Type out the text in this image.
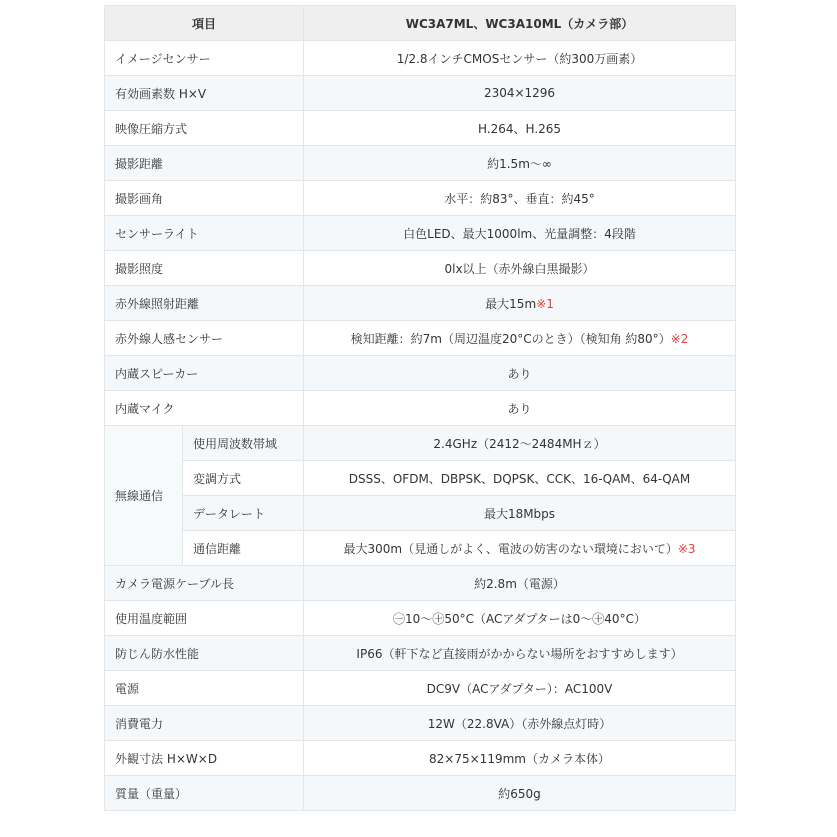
項目		WC3A7ML、WC3A10ML（カメラ部）
イメージセンサー		1/2.8インチCMOSセンサー（約300万画素）
有効画素数 H×V		2304×1296
映像圧縮方式		H.264、H.265
撮影距離		約1.5m〜∞
撮影画角		水平：約83°、垂直：約45°
センサーライト		白色LED、最大1000lm、光量調整：4段階
撮影照度		0lx以上（赤外線白黒撮影）
赤外線照射距離		最大15m※1
赤外線人感センサー		検知距離：約7m（周辺温度20°Cのとき）（検知角 約80°）※2
内蔵スピーカー		あり
内蔵マイク		あり
無線通信	使用周波数帯域	2.4GHz（2412〜2484MHｚ）
	変調方式	DSSS、OFDM、DBPSK、DQPSK、CCK、16-QAM、64-QAM
	データレート	最大18Mbps
	通信距離	最大300m（見通しがよく、電波の妨害のない環境において）※3
カメラ電源ケーブル長		約2.8m（電源）
使用温度範囲		㊀10〜㊉50°C（ACアダプターは0〜㊉40°C）
防じん防水性能		IP66（軒下など直接雨がかからない場所をおすすめします）
電源		DC9V（ACアダプター）：AC100V
消費電力		12W（22.8VA）（赤外線点灯時）
外観寸法 H×W×D		82×75×119mm（カメラ本体）
質量（重量）		約650g
